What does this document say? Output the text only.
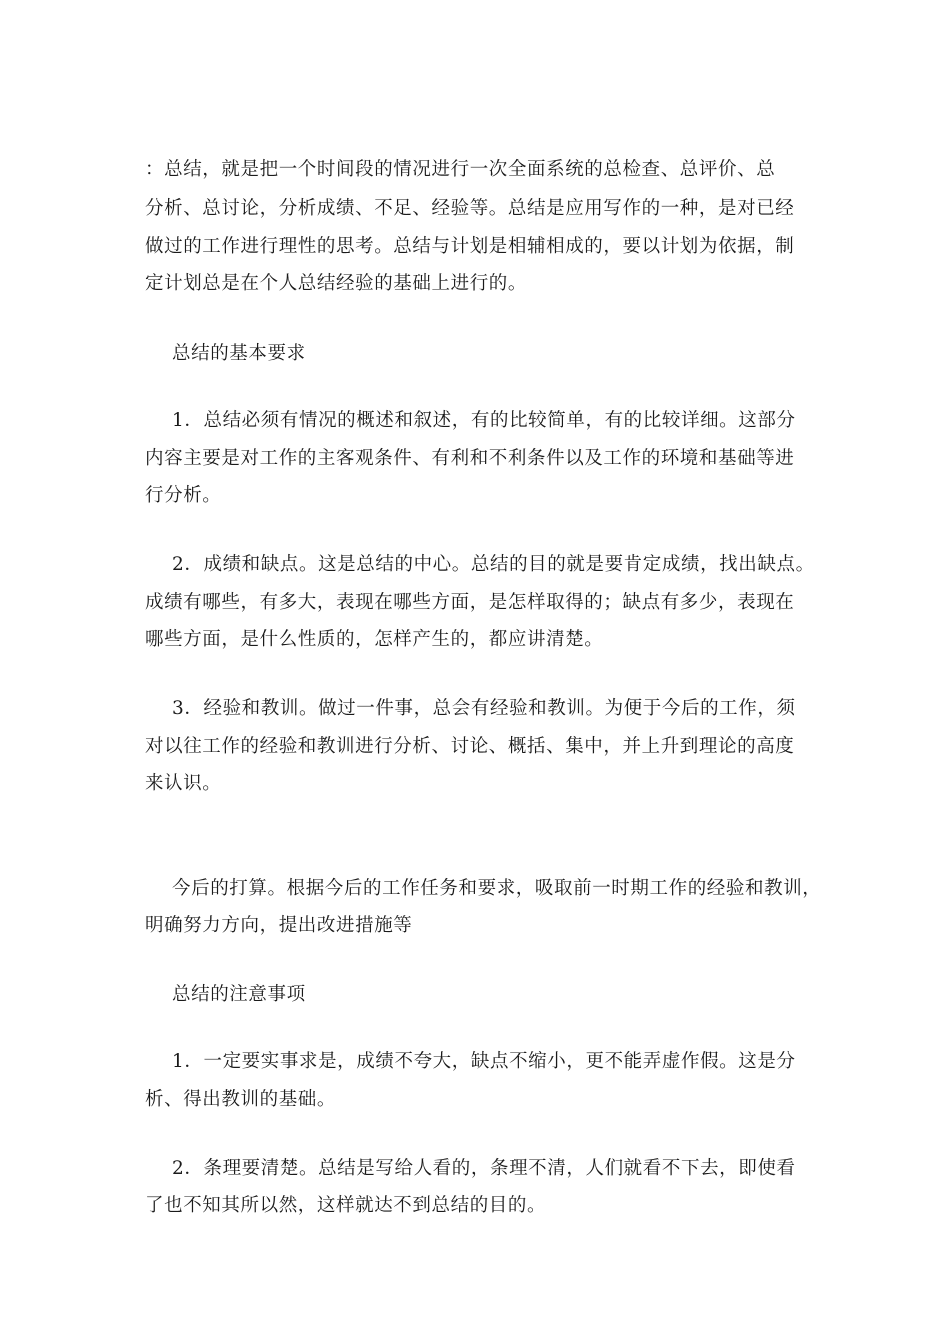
：总结，就是把一个时间段的情况进行一次全面系统的总检查、总评价、总
分析、总讨论，分析成绩、不足、经验等。总结是应用写作的一种，是对已经
做过的工作进行理性的思考。总结与计划是相辅相成的，要以计划为依据，制
定计划总是在个人总结经验的基础上进行的。
总结的基本要求
1．总结必须有情况的概述和叙述，有的比较简单，有的比较详细。这部分
内容主要是对工作的主客观条件、有利和不利条件以及工作的环境和基础等进
行分析。
2．成绩和缺点。这是总结的中心。总结的目的就是要肯定成绩，找出缺点。
成绩有哪些，有多大，表现在哪些方面，是怎样取得的；缺点有多少，表现在
哪些方面，是什么性质的，怎样产生的，都应讲清楚。
3．经验和教训。做过一件事，总会有经验和教训。为便于今后的工作，须
对以往工作的经验和教训进行分析、讨论、概括、集中，并上升到理论的高度
来认识。
今后的打算。根据今后的工作任务和要求，吸取前一时期工作的经验和教训，
明确努力方向，提出改进措施等
总结的注意事项
1．一定要实事求是，成绩不夸大，缺点不缩小，更不能弄虚作假。这是分
析、得出教训的基础。
2．条理要清楚。总结是写给人看的，条理不清，人们就看不下去，即使看
了也不知其所以然，这样就达不到总结的目的。
